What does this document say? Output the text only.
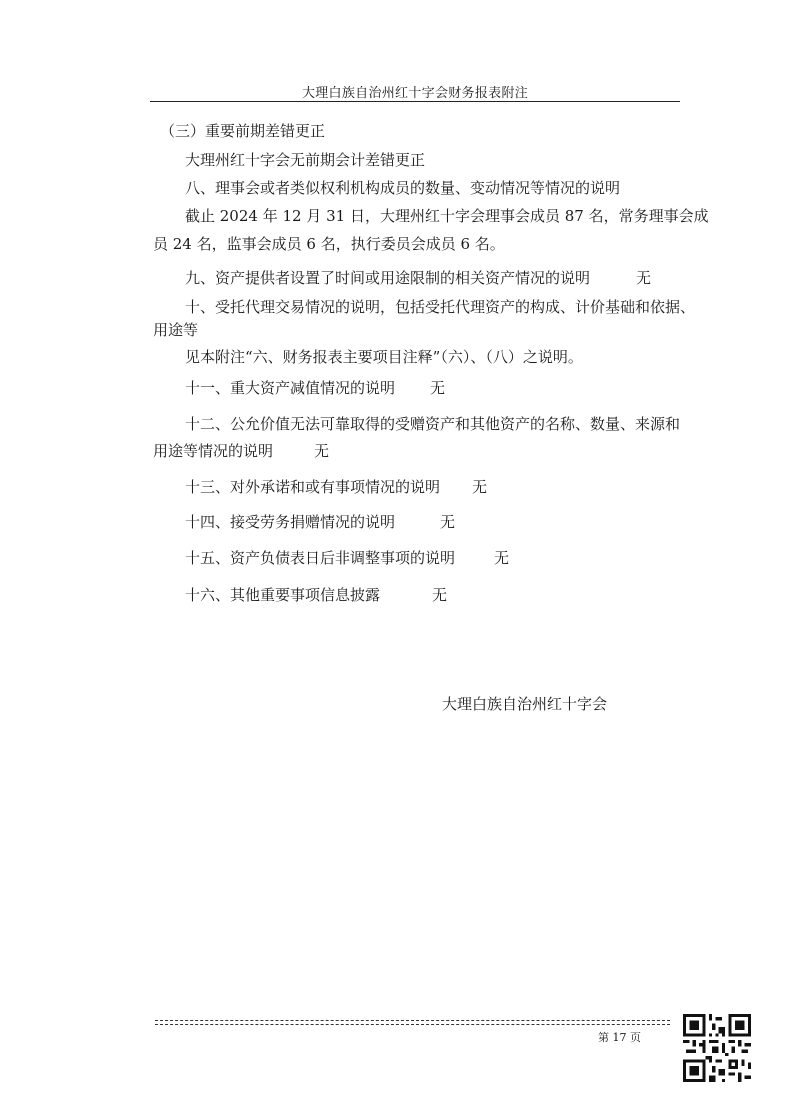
大理白族自治州红十字会财务报表附注
（三）重要前期差错更正
大理州红十字会无前期会计差错更正
八、理事会或者类似权利机构成员的数量、变动情况等情况的说明
截止 2024 年 12 月 31 日，大理州红十字会理事会成员 87 名，常务理事会成
员 24 名，监事会成员 6 名，执行委员会成员 6 名。
九、资产提供者设置了时间或用途限制的相关资产情况的说明	无
十、受托代理交易情况的说明，包括受托代理资产的构成、计价基础和依据、
用途等
见本附注“六、财务报表主要项目注释”（六）、（八）之说明。
十一、重大资产减值情况的说明 无
十二、公允价值无法可靠取得的受赠资产和其他资产的名称、数量、来源和
用途等情况的说明	无
十三、对外承诺和或有事项情况的说明 无
十四、接受劳务捐赠情况的说明	无
十五、资产负债表日后非调整事项的说明	无
十六、其他重要事项信息披露	无
大理白族自治州红十字会
第 17 页
